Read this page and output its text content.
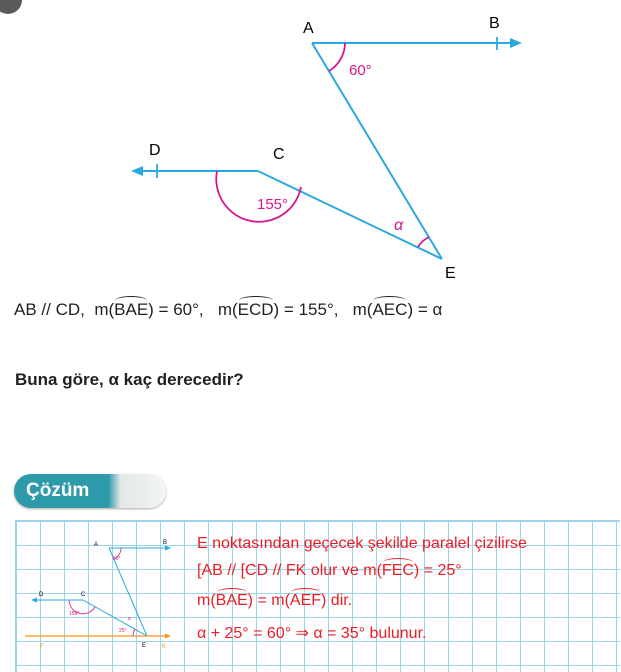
A	B
C
D
E
60°
155°
α
AB // CD, m(BAE) = 60°, m(ECD) = 155°, m(AEC) = α
Buna göre, α kaç derecedir?
Çözüm
A	B
C
D
E
F	K
60°
155°
25°
α
E noktasından geçecek şekilde paralel çizilirse
[AB // [CD // FK olur ve m(FEC) = 25°
m(BAE) = m(AEF) dir.
α + 25° = 60° ⇒ α = 35° bulunur.
